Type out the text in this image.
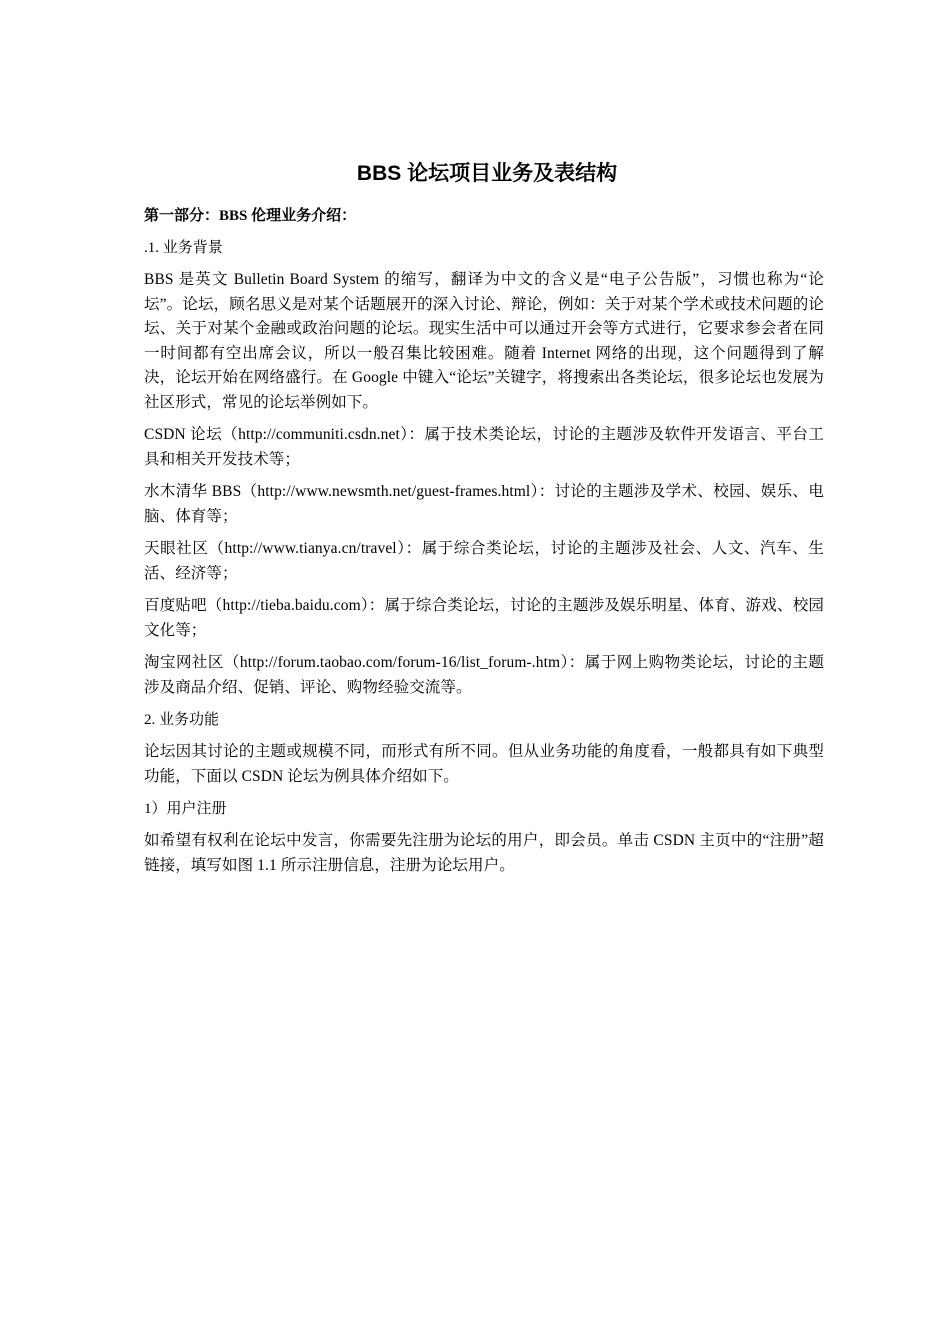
BBS 论坛项目业务及表结构
第一部分：BBS 伦理业务介绍：
.1. 业务背景
BBS 是英文 Bulletin Board System 的缩写，翻译为中文的含义是“电子公告版”，习惯也称为“论坛”。论坛，顾名思义是对某个话题展开的深入讨论、辩论，例如：关于对某个学术或技术问题的论坛、关于对某个金融或政治问题的论坛。现实生活中可以通过开会等方式进行，它要求参会者在同一时间都有空出席会议，所以一般召集比较困难。随着 Internet 网络的出现，这个问题得到了解决，论坛开始在网络盛行。在 Google 中键入“论坛”关键字，将搜索出各类论坛，很多论坛也发展为社区形式，常见的论坛举例如下。
CSDN 论坛（http://communiti.csdn.net）：属于技术类论坛，讨论的主题涉及软件开发语言、平台工具和相关开发技术等；
水木清华 BBS（http://www.newsmth.net/guest-frames.html）：讨论的主题涉及学术、校园、娱乐、电脑、体育等；
天眼社区（http://www.tianya.cn/travel）：属于综合类论坛，讨论的主题涉及社会、人文、汽车、生活、经济等；
百度贴吧（http://tieba.baidu.com）：属于综合类论坛，讨论的主题涉及娱乐明星、体育、游戏、校园文化等；
淘宝网社区（http://forum.taobao.com/forum-16/list_forum-.htm）：属于网上购物类论坛，讨论的主题涉及商品介绍、促销、评论、购物经验交流等。
2. 业务功能
论坛因其讨论的主题或规模不同，而形式有所不同。但从业务功能的角度看，一般都具有如下典型功能，下面以 CSDN 论坛为例具体介绍如下。
1）用户注册
如希望有权利在论坛中发言，你需要先注册为论坛的用户，即会员。单击 CSDN 主页中的“注册”超链接，填写如图 1.1 所示注册信息，注册为论坛用户。
